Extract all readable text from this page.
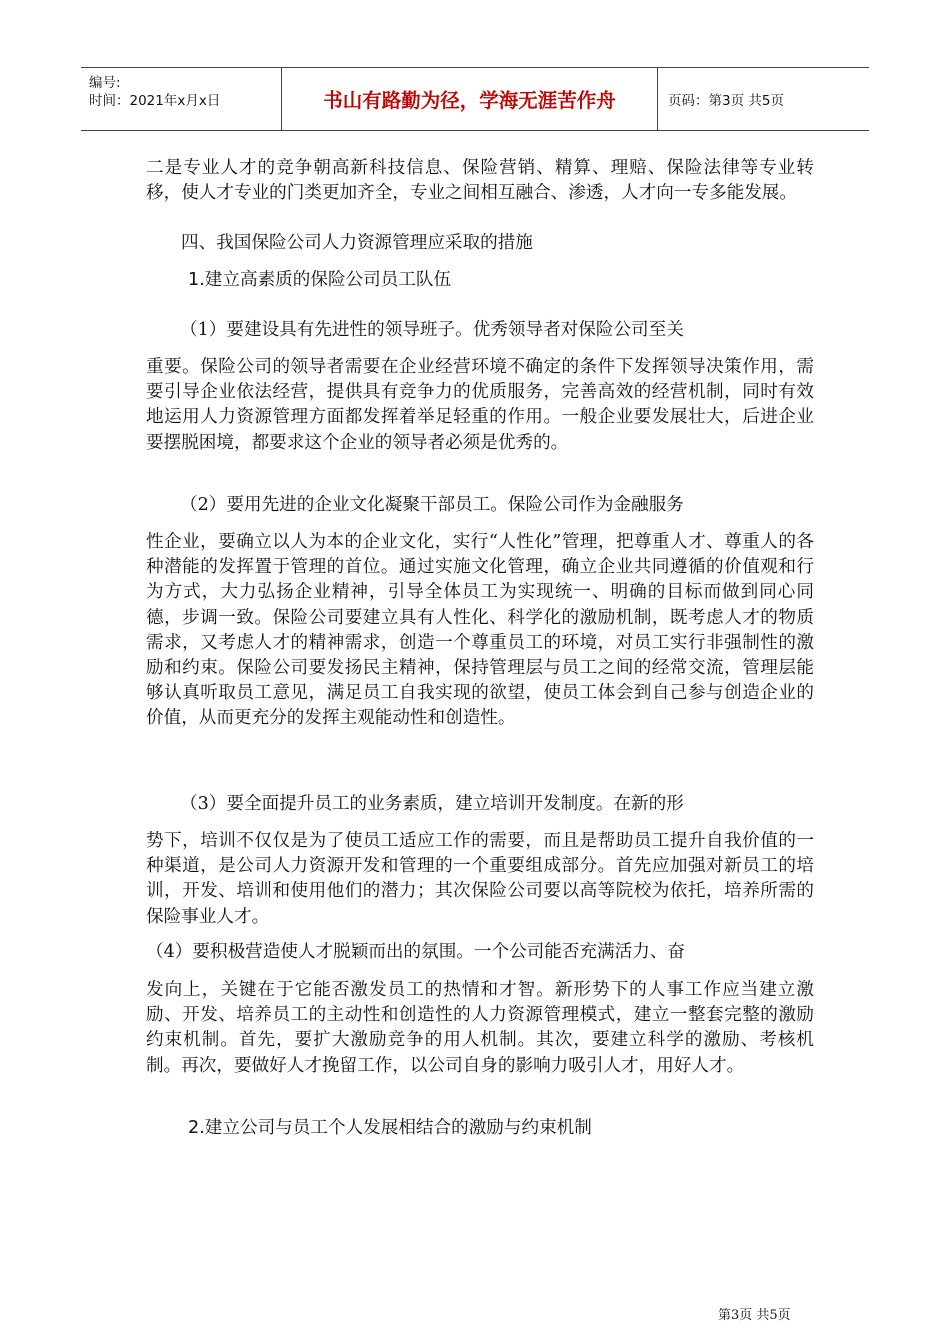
编号:
时间：2021年x月x日	书山有路勤为径，学海无涯苦作舟	页码：第3页 共5页

二是专业人才的竞争朝高新科技信息、保险营销、精算、理赔、保险法律等专业转移，使人才专业的门类更加齐全，专业之间相互融合、渗透，人才向一专多能发展。

四、我国保险公司人力资源管理应采取的措施

1.建立高素质的保险公司员工队伍

（1）要建设具有先进性的领导班子。优秀领导者对保险公司至关

重要。保险公司的领导者需要在企业经营环境不确定的条件下发挥领导决策作用，需要引导企业依法经营，提供具有竞争力的优质服务，完善高效的经营机制，同时有效地运用人力资源管理方面都发挥着举足轻重的作用。一般企业要发展壮大，后进企业要摆脱困境，都要求这个企业的领导者必须是优秀的。

（2）要用先进的企业文化凝聚干部员工。保险公司作为金融服务

性企业，要确立以人为本的企业文化，实行“人性化”管理，把尊重人才、尊重人的各种潜能的发挥置于管理的首位。通过实施文化管理，确立企业共同遵循的价值观和行为方式，大力弘扬企业精神，引导全体员工为实现统一、明确的目标而做到同心同德，步调一致。保险公司要建立具有人性化、科学化的激励机制，既考虑人才的物质需求，又考虑人才的精神需求，创造一个尊重员工的环境，对员工实行非强制性的激励和约束。保险公司要发扬民主精神，保持管理层与员工之间的经常交流，管理层能够认真听取员工意见，满足员工自我实现的欲望，使员工体会到自己参与创造企业的价值，从而更充分的发挥主观能动性和创造性。

（3）要全面提升员工的业务素质，建立培训开发制度。在新的形

势下，培训不仅仅是为了使员工适应工作的需要，而且是帮助员工提升自我价值的一种渠道，是公司人力资源开发和管理的一个重要组成部分。首先应加强对新员工的培训，开发、培训和使用他们的潜力；其次保险公司要以高等院校为依托，培养所需的保险事业人才。

（4）要积极营造使人才脱颖而出的氛围。一个公司能否充满活力、奋

发向上，关键在于它能否激发员工的热情和才智。新形势下的人事工作应当建立激励、开发、培养员工的主动性和创造性的人力资源管理模式，建立一整套完整的激励约束机制。首先，要扩大激励竞争的用人机制。其次，要建立科学的激励、考核机制。再次，要做好人才挽留工作，以公司自身的影响力吸引人才，用好人才。

2.建立公司与员工个人发展相结合的激励与约束机制

第3页 共5页
